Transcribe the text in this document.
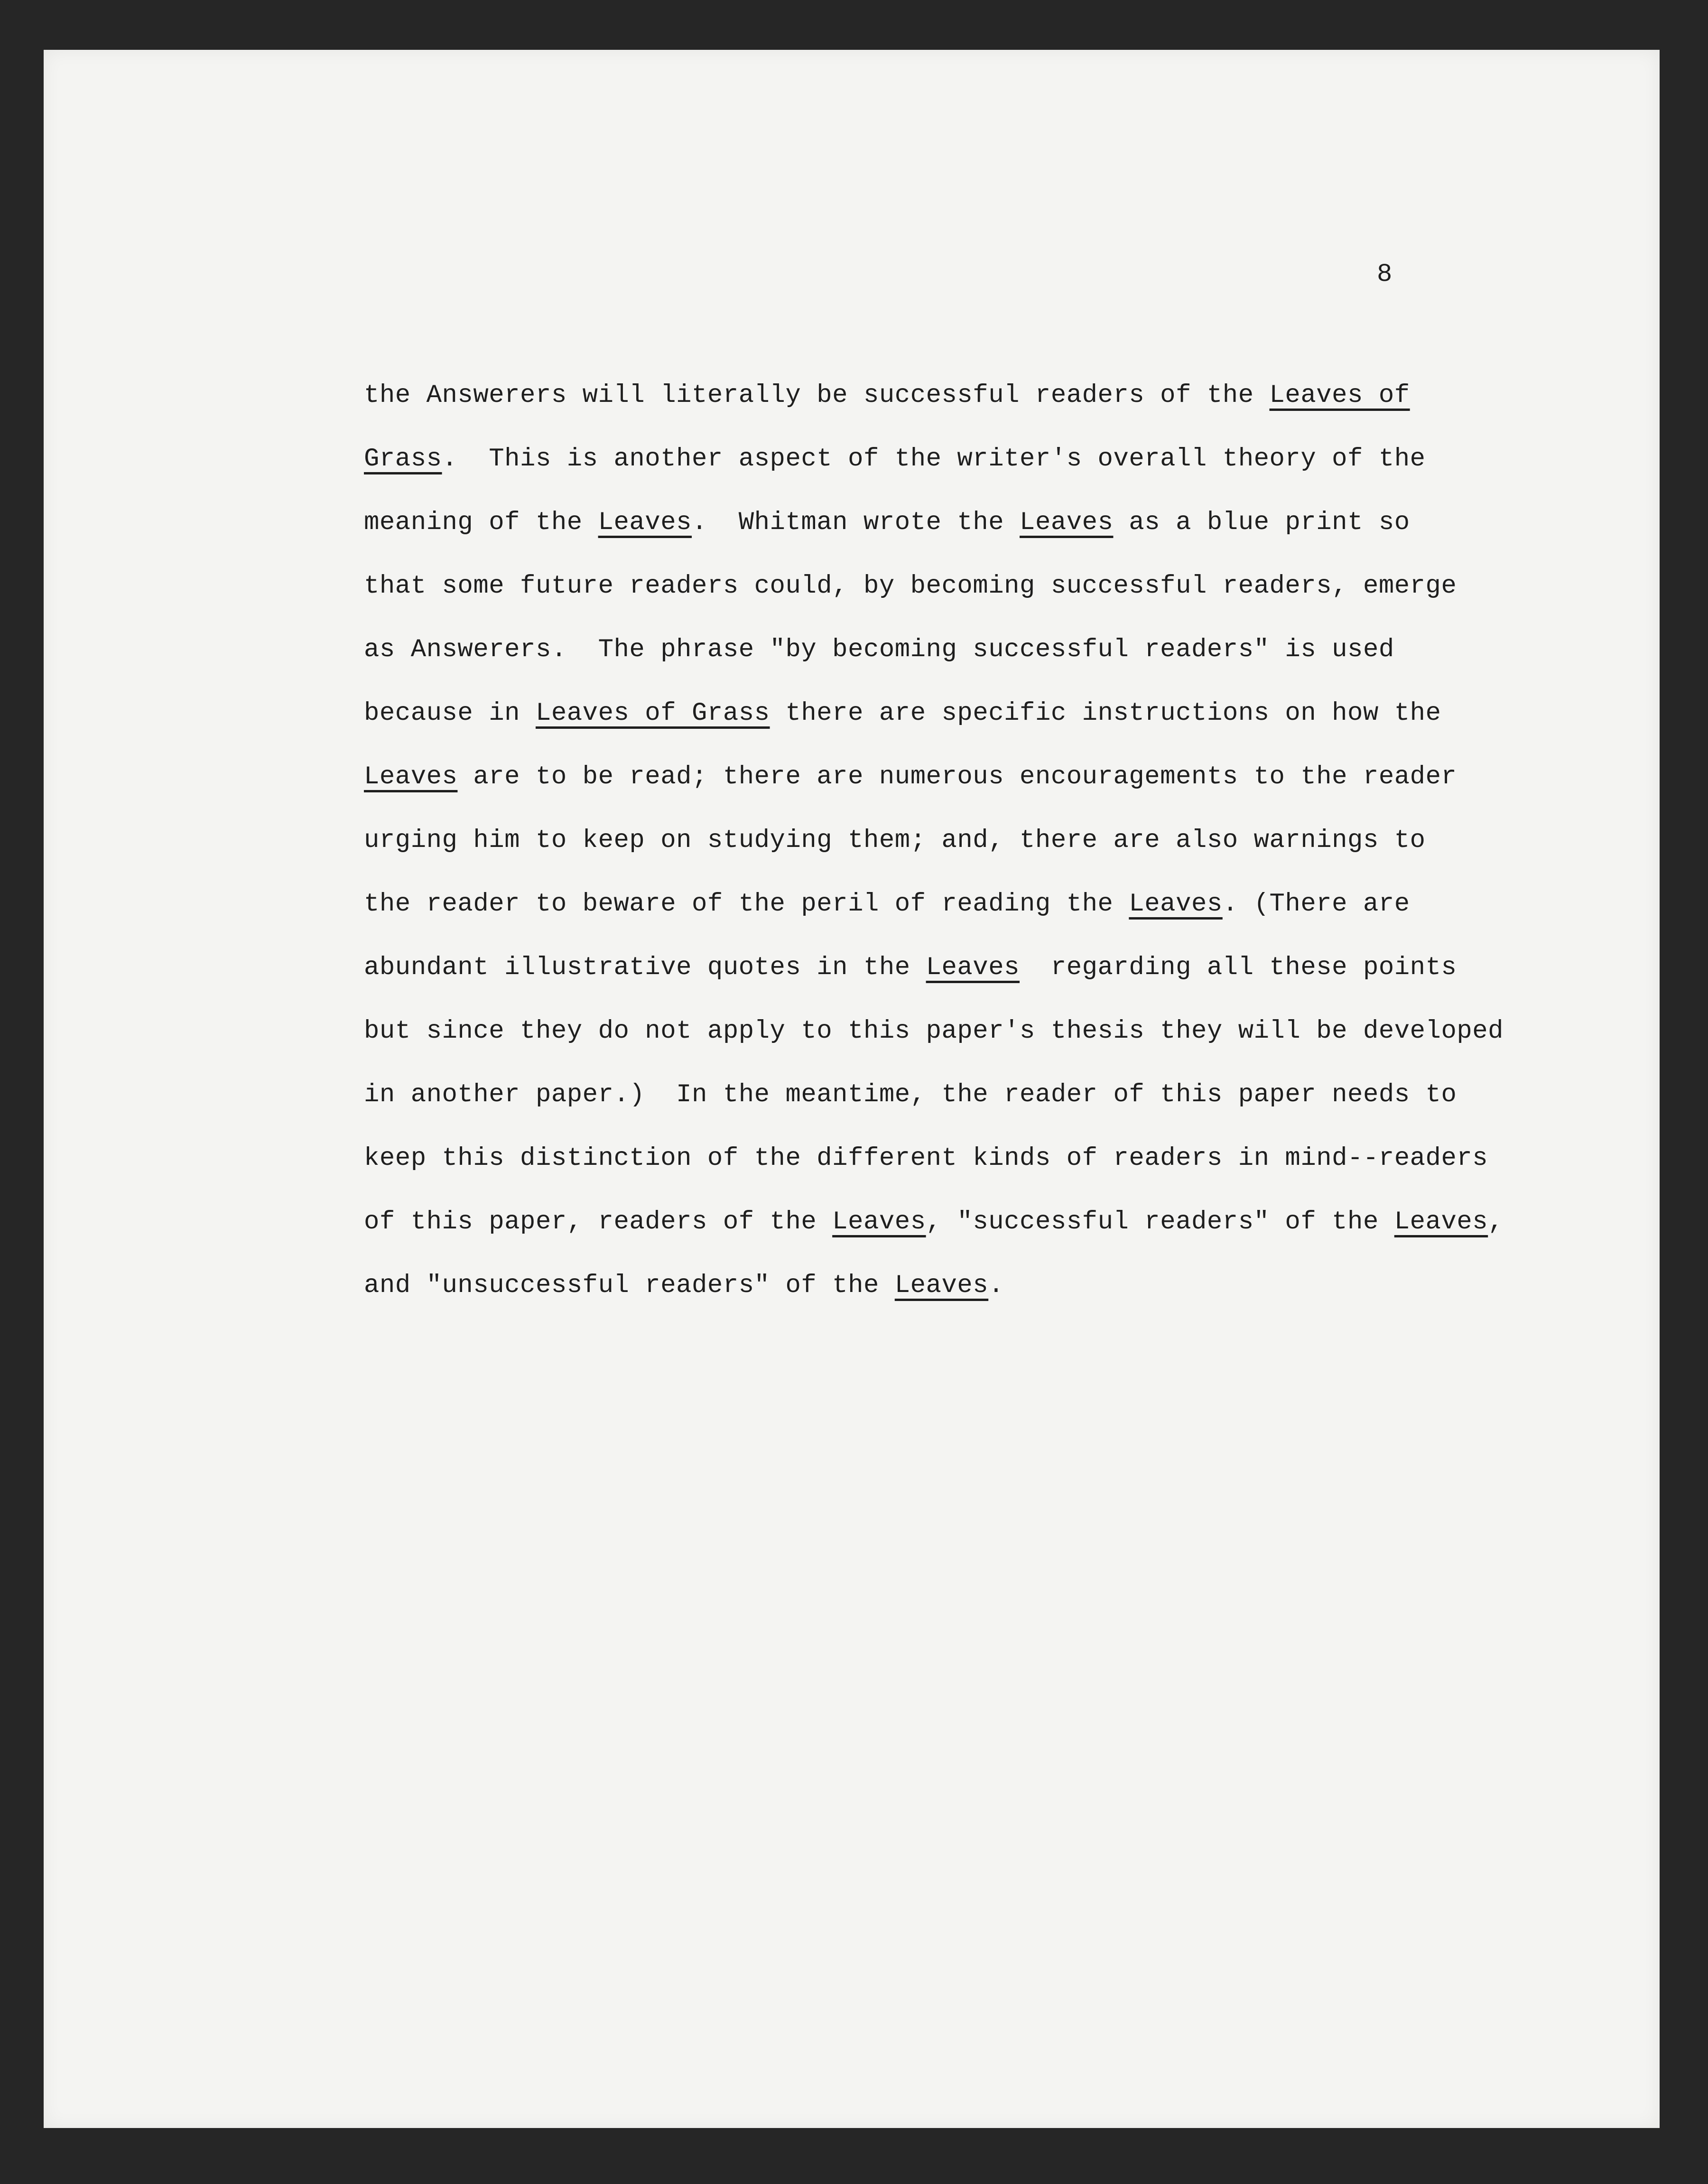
8
the Answerers will literally be successful readers of the Leaves of
Grass.  This is another aspect of the writer's overall theory of the
meaning of the Leaves.  Whitman wrote the Leaves as a blue print so
that some future readers could, by becoming successful readers, emerge
as Answerers.  The phrase "by becoming successful readers" is used
because in Leaves of Grass there are specific instructions on how the
Leaves are to be read; there are numerous encouragements to the reader
urging him to keep on studying them; and, there are also warnings to
the reader to beware of the peril of reading the Leaves. (There are
abundant illustrative quotes in the Leaves  regarding all these points
but since they do not apply to this paper's thesis they will be developed
in another paper.)  In the meantime, the reader of this paper needs to
keep this distinction of the different kinds of readers in mind--readers
of this paper, readers of the Leaves, "successful readers" of the Leaves,
and "unsuccessful readers" of the Leaves.
